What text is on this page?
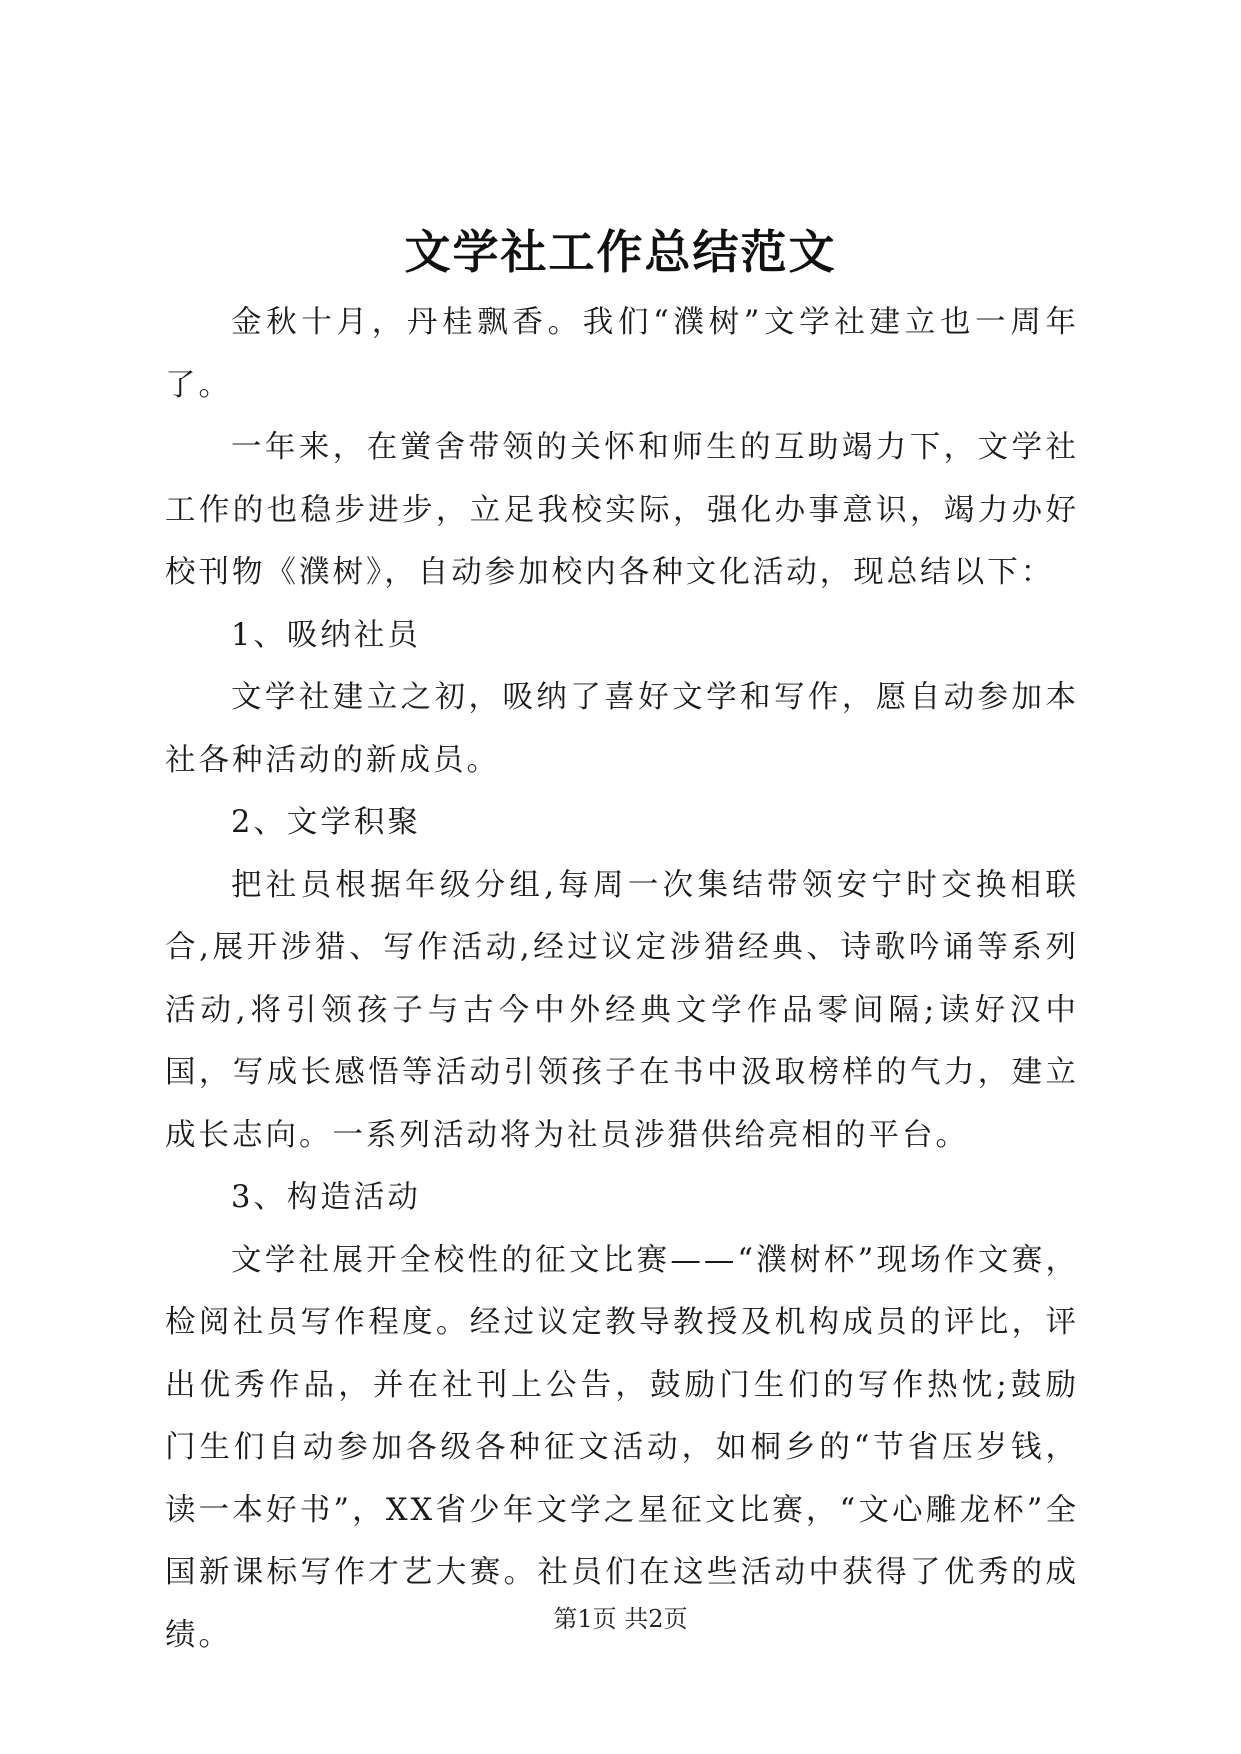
文学社工作总结范文

金秋十月，丹桂飘香。我们“濮树”文学社建立也一周年了。

一年来，在黉舍带领的关怀和师生的互助竭力下，文学社工作的也稳步进步，立足我校实际，强化办事意识，竭力办好校刊物《濮树》，自动参加校内各种文化活动，现总结以下：

1、吸纳社员

文学社建立之初，吸纳了喜好文学和写作，愿自动参加本社各种活动的新成员。

2、文学积聚

把社员根据年级分组,每周一次集结带领安宁时交换相联合,展开涉猎、写作活动,经过议定涉猎经典、诗歌吟诵等系列活动,将引领孩子与古今中外经典文学作品零间隔;读好汉中国，写成长感悟等活动引领孩子在书中汲取榜样的气力，建立成长志向。一系列活动将为社员涉猎供给亮相的平台。

3、构造活动

文学社展开全校性的征文比赛——“濮树杯”现场作文赛，检阅社员写作程度。经过议定教导教授及机构成员的评比，评出优秀作品，并在社刊上公告，鼓励门生们的写作热忱;鼓励门生们自动参加各级各种征文活动，如桐乡的“节省压岁钱，读一本好书”，XX省少年文学之星征文比赛，“文心雕龙杯”全国新课标写作才艺大赛。社员们在这些活动中获得了优秀的成绩。	第1页 共2页
